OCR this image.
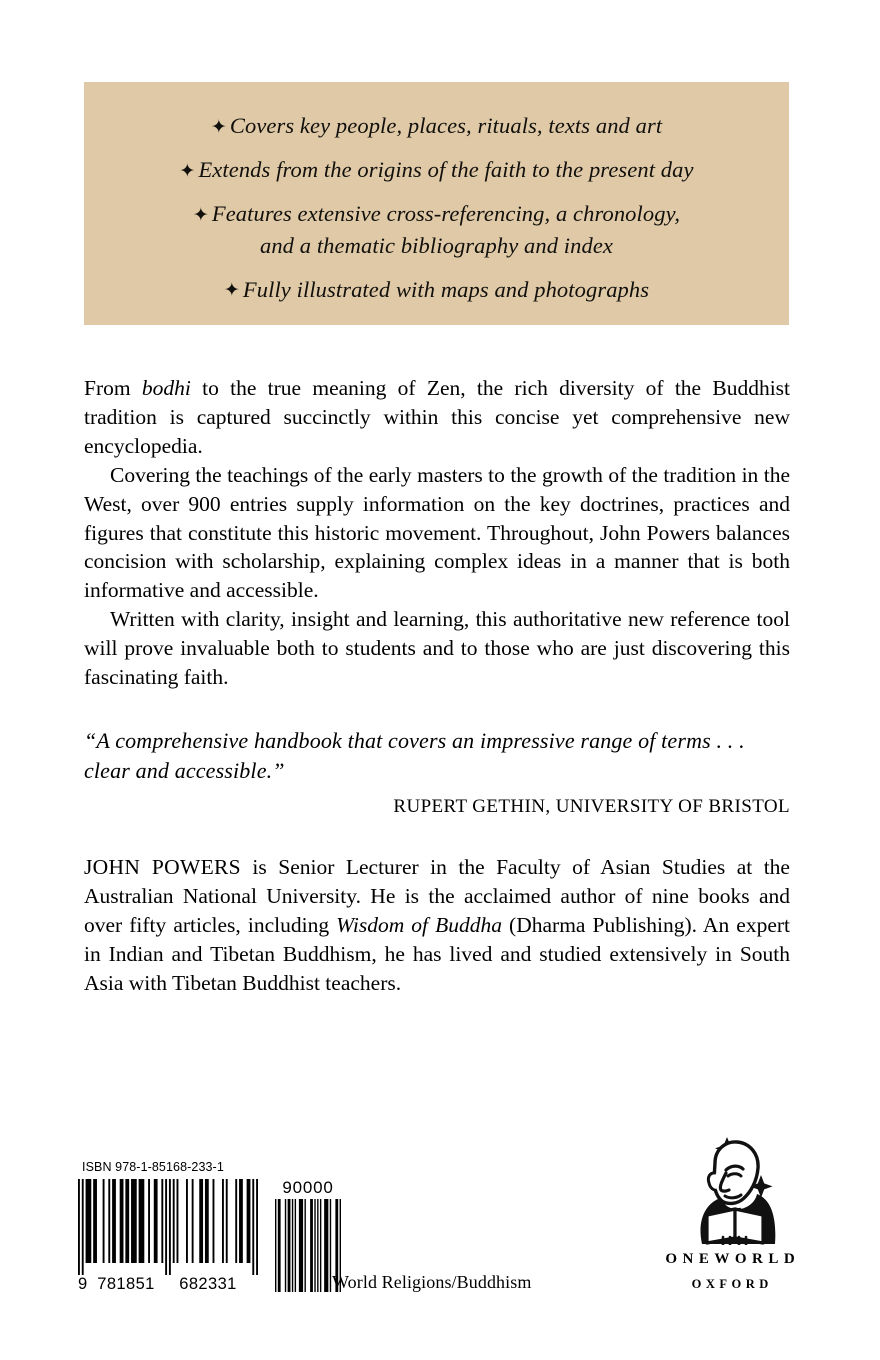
✦ Covers key people, places, rituals, texts and art

✦ Extends from the origins of the faith to the present day

✦ Features extensive cross-referencing, a chronology,

and a thematic bibliography and index

✦ Fully illustrated with maps and photographs

From bodhi to the true meaning of Zen, the rich diversity of the Buddhist tradition is captured succinctly within this concise yet comprehensive new encyclopedia.

Covering the teachings of the early masters to the growth of the tradition in the West, over 900 entries supply information on the key doctrines, practices and figures that constitute this historic movement. Throughout, John Powers balances concision with scholarship, explaining complex ideas in a manner that is both informative and accessible.

Written with clarity, insight and learning, this authoritative new reference tool will prove invaluable both to students and to those who are just discovering this fascinating faith.

“A comprehensive handbook that covers an impressive range of terms . . . clear and accessible.”

RUPERT GETHIN, UNIVERSITY OF BRISTOL

JOHN POWERS is Senior Lecturer in the Faculty of Asian Studies at the Australian National University. He is the acclaimed author of nine books and over fifty articles, including Wisdom of Buddha (Dharma Publishing). An expert in Indian and Tibetan Buddhism, he has lived and studied extensively in South Asia with Tibetan Buddhist teachers.

ISBN 978-1-85168-233-1
9 781851	682331
90000
World Religions/Buddhism
ONEWORLD
OXFORD
